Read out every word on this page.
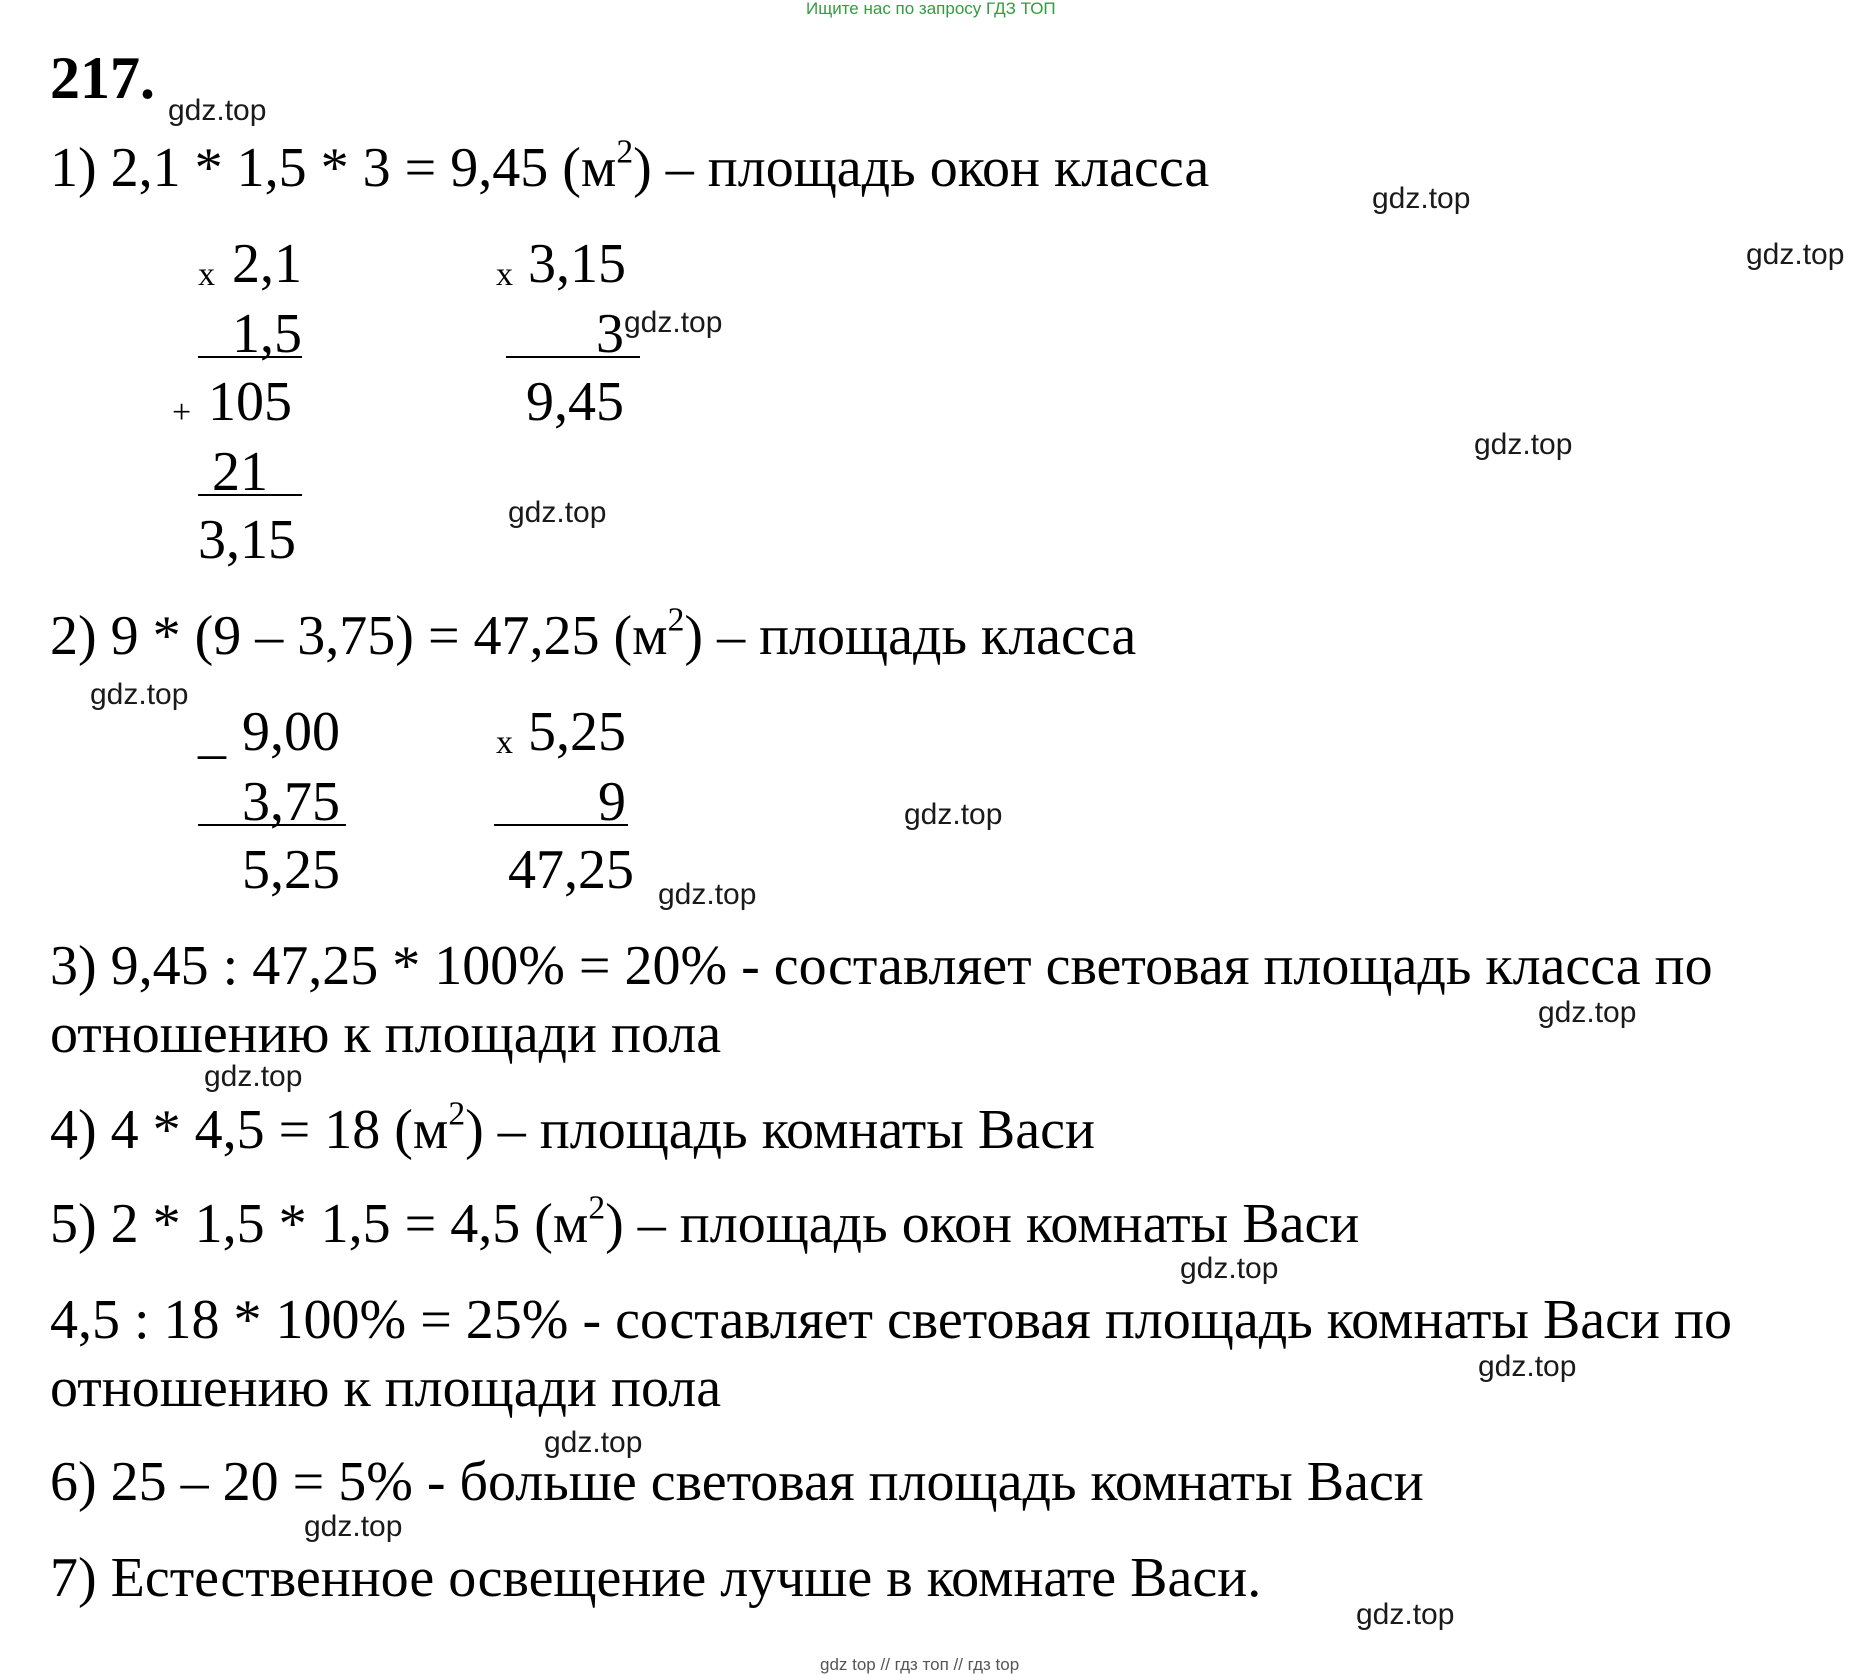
Ищите нас по запросу ГДЗ ТОП
gdz top // гдз топ // гдз top
217.
1) 2,1 * 1,5 * 3 = 9,45 $(м^2)$ – площадь окон класса
x 2,1
1,5
+ 105
21
3,15
x 3,15
3
9,45
2) 9 * (9 – 3,75) = 47,25 $(м^2)$ – площадь класса
_ 9,00
3,75
5,25
x 5,25
9
47,25
3) 9,45 : 47,25 * 100% = 20% - составляет световая площадь класса по
отношению к площади пола
4) 4 * 4,5 = 18 $(м^2)$ – площадь комнаты Васи
5) 2 * 1,5 * 1,5 = 4,5 $(м^2)$ – площадь окон комнаты Васи
4,5 : 18 * 100% = 25% - составляет световая площадь комнаты Васи по
отношению к площади пола
6) 25 – 20 = 5% - больше световая площадь комнаты Васи
7) Естественное освещение лучше в комнате Васи.
gdz.top
gdz.top
gdz.top
gdz.top
gdz.top
gdz.top
gdz.top
gdz.top
gdz.top
gdz.top
gdz.top
gdz.top
gdz.top
gdz.top
gdz.top
gdz.top
